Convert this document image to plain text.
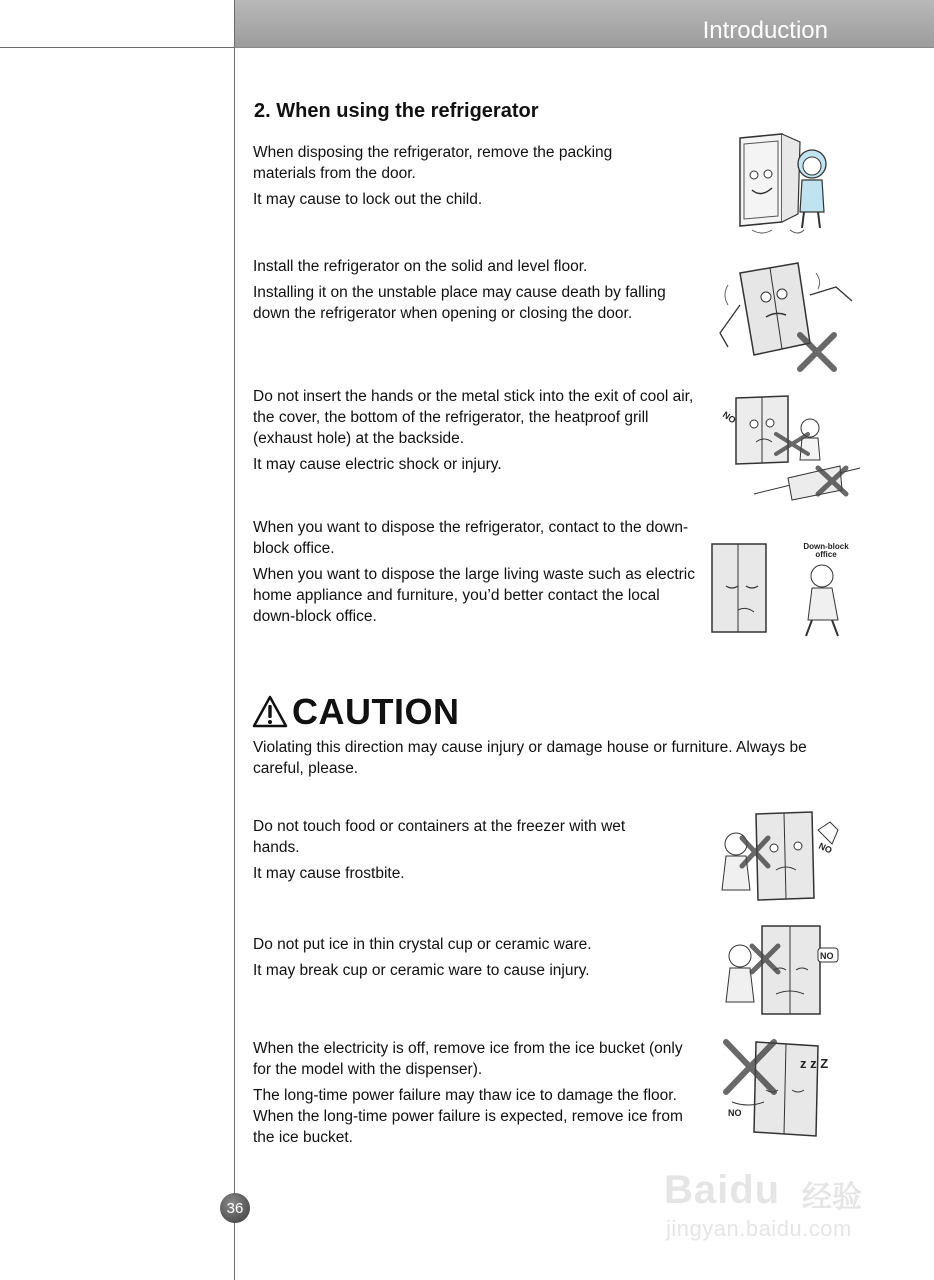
Introduction
2. When using the refrigerator

When disposing the refrigerator, remove the packing materials from the door.

It may cause to lock out the child.

Install the refrigerator on the solid and level floor.

Installing it on the unstable place may cause death by falling down the refrigerator when opening or closing the door.

Do not insert the hands or the metal stick into the exit of cool air, the cover, the bottom of the refrigerator, the heatproof grill (exhaust hole) at the backside.

It may cause electric shock or injury.

When you want to dispose the refrigerator, contact to the down-block office.

When you want to dispose the large living waste such as electric home appliance and furniture, you’d better contact the local down-block office.

CAUTION
Violating this direction may cause injury or damage house or furniture. Always be careful, please.

Do not touch food or containers at the freezer with wet hands.

It may cause frostbite.

Do not put ice in thin crystal cup or ceramic ware.

It may break cup or ceramic ware to cause injury.

When the electricity is off, remove ice from the ice bucket (only for the model with the dispenser).

The long-time power failure may thaw ice to damage the floor. When the long-time power failure is expected, remove ice from the ice bucket.

NO
Down-block
office
NO
NO
z z Z
NO
36	Baidu 经验
jingyan.baidu.com
